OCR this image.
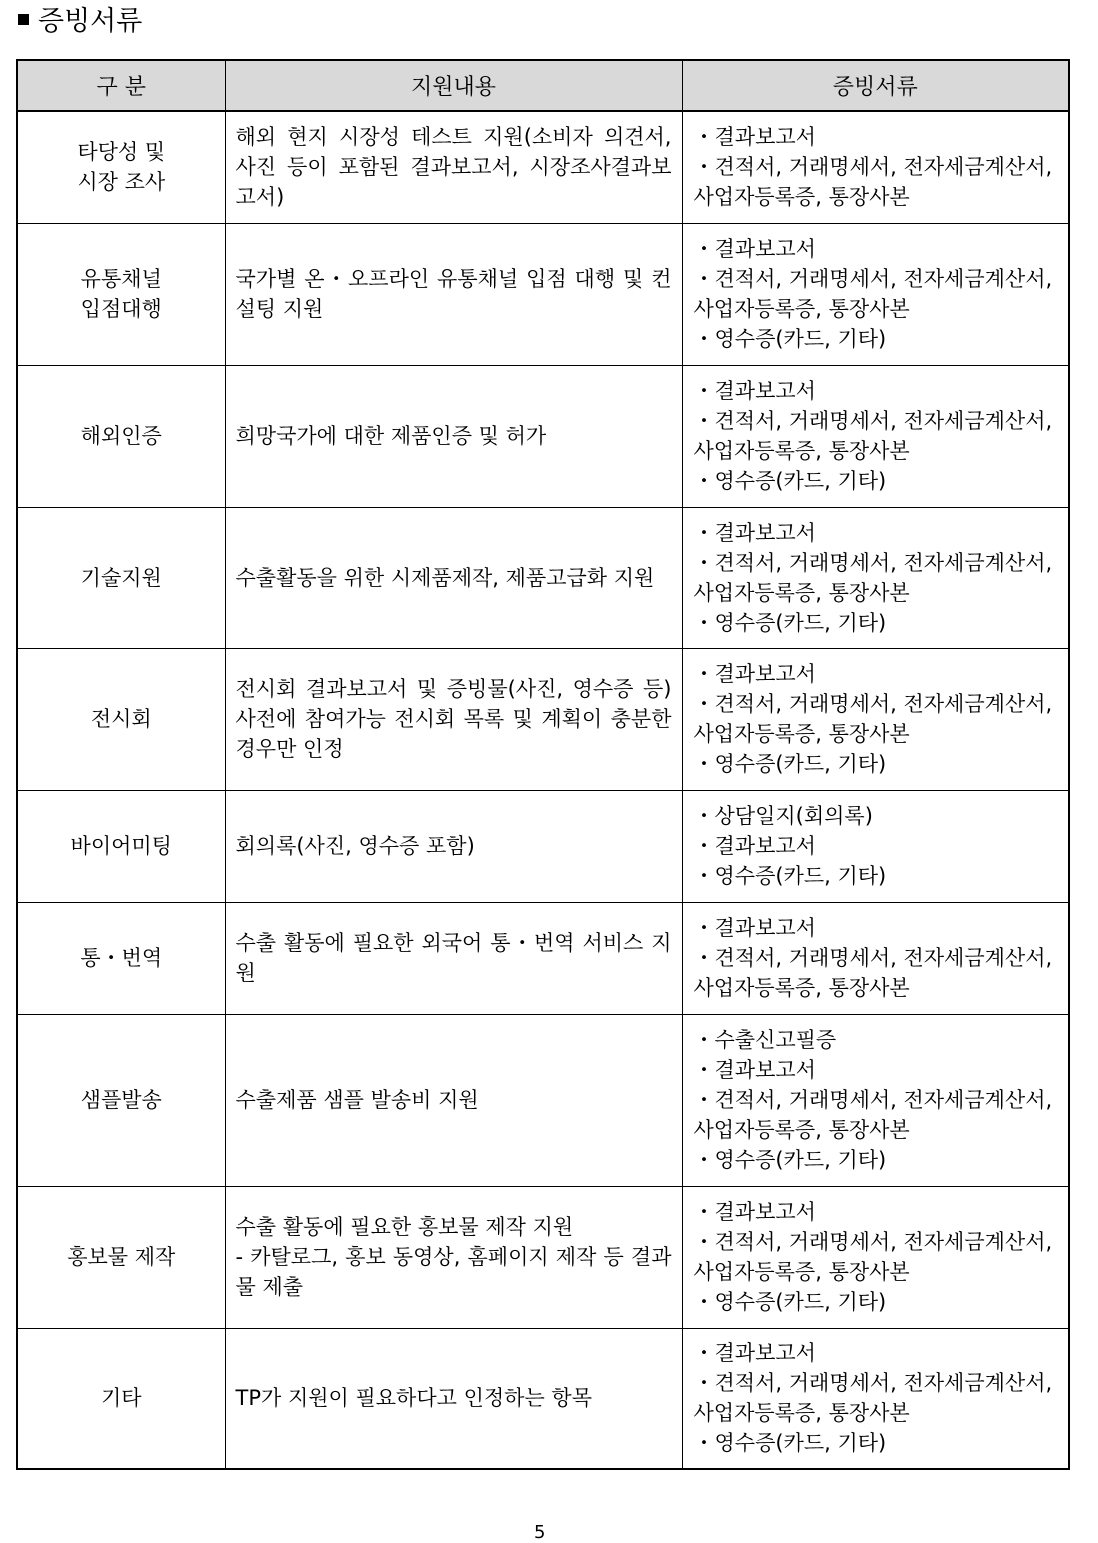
증빙서류
구 분	지원내용	증빙서류
타당성 및
시장 조사	해외 현지 시장성 테스트 지원(소비자 의견서, 사진 등이 포함된 결과보고서, 시장조사결과보고서)	・결과보고서
・견적서, 거래명세서, 전자세금계산서, 사업자등록증, 통장사본

유통채널
입점대행	국가별 온・오프라인 유통채널 입점 대행 및 컨설팅 지원	・결과보고서
・견적서, 거래명세서, 전자세금계산서, 사업자등록증, 통장사본
・영수증(카드, 기타)

해외인증	희망국가에 대한 제품인증 및 허가	・결과보고서
・견적서, 거래명세서, 전자세금계산서, 사업자등록증, 통장사본
・영수증(카드, 기타)

기술지원	수출활동을 위한 시제품제작, 제품고급화 지원	・결과보고서
・견적서, 거래명세서, 전자세금계산서, 사업자등록증, 통장사본
・영수증(카드, 기타)

전시회	전시회 결과보고서 및 증빙물(사진, 영수증 등) 사전에 참여가능 전시회 목록 및 계획이 충분한 경우만 인정	・결과보고서
・견적서, 거래명세서, 전자세금계산서, 사업자등록증, 통장사본
・영수증(카드, 기타)

바이어미팅	회의록(사진, 영수증 포함)	・상담일지(회의록)
・결과보고서
・영수증(카드, 기타)

통・번역	수출 활동에 필요한 외국어 통・번역 서비스 지원	・결과보고서
・견적서, 거래명세서, 전자세금계산서, 사업자등록증, 통장사본

샘플발송	수출제품 샘플 발송비 지원	・수출신고필증
・결과보고서
・견적서, 거래명세서, 전자세금계산서, 사업자등록증, 통장사본
・영수증(카드, 기타)

홍보물 제작	수출 활동에 필요한 홍보물 제작 지원
- 카탈로그, 홍보 동영상, 홈페이지 제작 등 결과물 제출	・결과보고서
・견적서, 거래명세서, 전자세금계산서, 사업자등록증, 통장사본
・영수증(카드, 기타)

기타	TP가 지원이 필요하다고 인정하는 항목	・결과보고서
・견적서, 거래명세서, 전자세금계산서, 사업자등록증, 통장사본
・영수증(카드, 기타)
5
